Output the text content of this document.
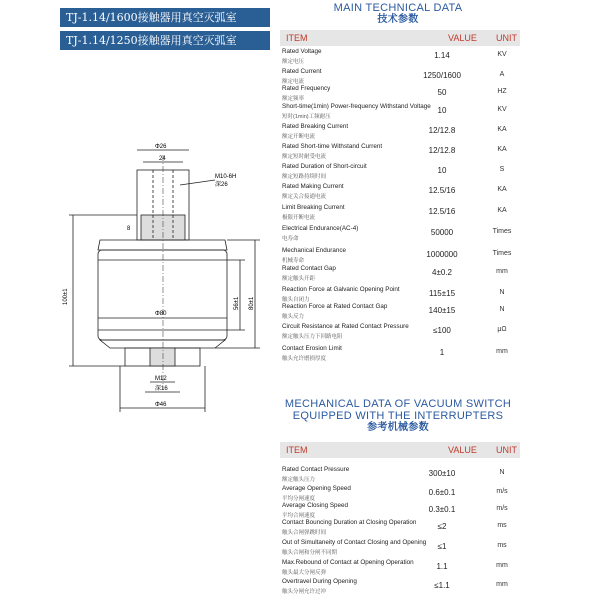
TJ-1.14/1600接触器用真空灭弧室
TJ-1.14/1250接触器用真空灭弧室
Φ26
24
M10-6H
深26
8
Φ80
100±1	56±1 80±1
M12
深16
Φ46
MAIN TECHNICAL DATA
技术参数
ITEM	VALUE UNIT
Rated Voltage
额定电压
1.14	KV
Rated Current
额定电流
1250/1600	A
Rated Frequency
额定频率
50	HZ
Short-time(1min) Power-frequency Withstand Voltage
短时(1min)工频耐压
10	KV
Rated Breaking Current
额定开断电流
12/12.8	KA
Rated Short-time Withstand Current
额定短时耐受电流
12/12.8	KA
Rated Duration of Short-circuit
额定短路持续时间
10	S
Rated Making Current
额定关合接通电流
12.5/16	KA
Limit Breaking Current
极限开断电流
12.5/16	KA
Electrical Endurance(AC-4)
电寿命
50000	Times
Mechanical Endurance
机械寿命
1000000	Times
Rated Contact Gap
额定触头开距
4±0.2	mm
Reaction Force at Galvanic Opening Point
触头自闭力
115±15	N
Reaction Force at Rated Contact Gap
触头反力
140±15	N
Circuit Resistance at Rated Contact Pressure
额定触头压力下回路电阻
≤100	μΩ
Contact Erosion Limit
触头允许磨损厚度
1	mm
MECHANICAL DATA OF VACUUM SWITCH
EQUIPPED WITH THE INTERRUPTERS
参考机械参数
ITEM	VALUE UNIT
Rated Contact Pressure
额定触头压力
300±10	N
Average Opening Speed
平均分闸速度
0.6±0.1	m/s
Average Closing Speed
平均合闸速度
0.3±0.1	m/s
Contact Bouncing Duration at Closing Operation
触头合闸弹跳时间
≤2	ms
Out of Simultaneity of Contact Closing and Opening
触头合闸和分闸不同期
≤1	ms
Max.Rebound of Contact at Opening Operation
触头最大分闸反弹
1.1	mm
Overtravel During Opening
触头分闸允许过冲
≤1.1	mm
